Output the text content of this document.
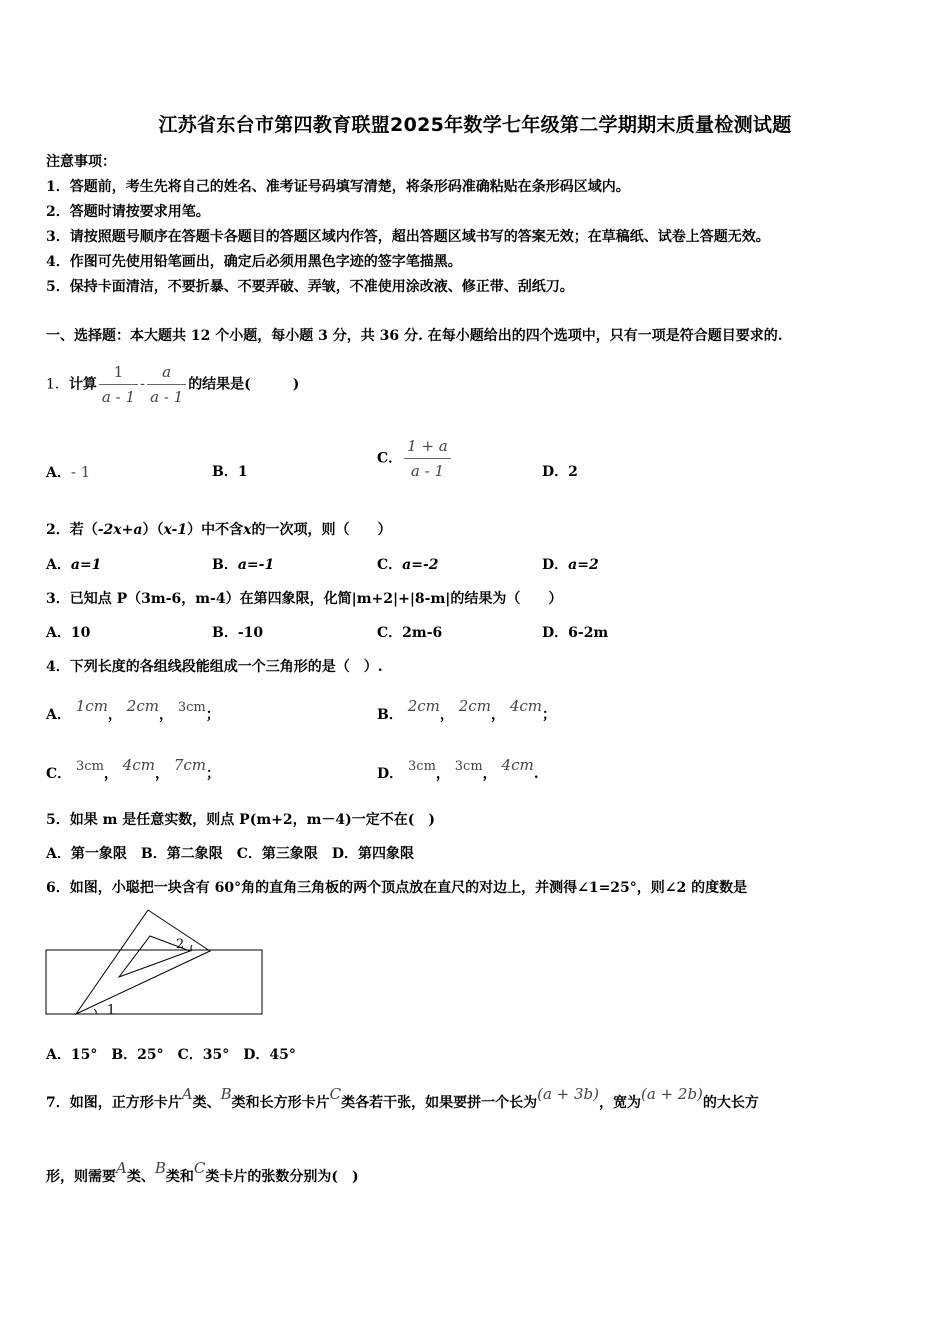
江苏省东台市第四教育联盟2025年数学七年级第二学期期末质量检测试题
注意事项：
1．答题前，考生先将自己的姓名、准考证号码填写清楚，将条形码准确粘贴在条形码区域内。
2．答题时请按要求用笔。
3．请按照题号顺序在答题卡各题目的答题区域内作答，超出答题区域书写的答案无效；在草稿纸、试卷上答题无效。
4．作图可先使用铅笔画出，确定后必须用黑色字迹的签字笔描黑。
5．保持卡面清洁，不要折暴、不要弄破、弄皱，不准使用涂改液、修正带、刮纸刀。
一、选择题：本大题共 12 个小题，每小题 3 分，共 36 分. 在每小题给出的四个选项中，只有一项是符合题目要求的.
1．计算 $\frac{1}{a - 1} - \frac{a}{a - 1}$ 的结果是(　　　)
A．- 1	B．1
C． $\frac{1 + a}{a - 1}$	D．2
2．若（-2x+a）（x-1）中不含x的一次项，则（　　）
A．a=1	B．a=-1	C．a=-2	D．a=2
3．已知点 P（3m-6，m-4）在第四象限，化简|m+2|+|8-m|的结果为（　　）
A．10	B．-10	C．2m-6	D．6-2m
4．下列长度的各组线段能组成一个三角形的是（　）.
A． 1cm， 2cm， 3cm；	B． 2cm， 2cm， 4cm；
C． 3cm， 4cm， 7cm；	D． 3cm， 3cm， 4cm.
5．如果 m 是任意实数，则点 P(m+2，m－4)一定不在(　)
A．第一象限　B．第二象限　C．第三象限　D．第四象限
6．如图，小聪把一块含有 60°角的直角三角板的两个顶点放在直尺的对边上，并测得∠1=25°，则∠2 的度数是
1
2
A．15°　B．25°　C．35°　D．45°
7．如图，正方形卡片A类、B类和长方形卡片C类各若干张，如果要拼一个长为(a + 3b)，宽为(a + 2b)的大长方
形，则需要A类、B类和C类卡片的张数分别为(　)
